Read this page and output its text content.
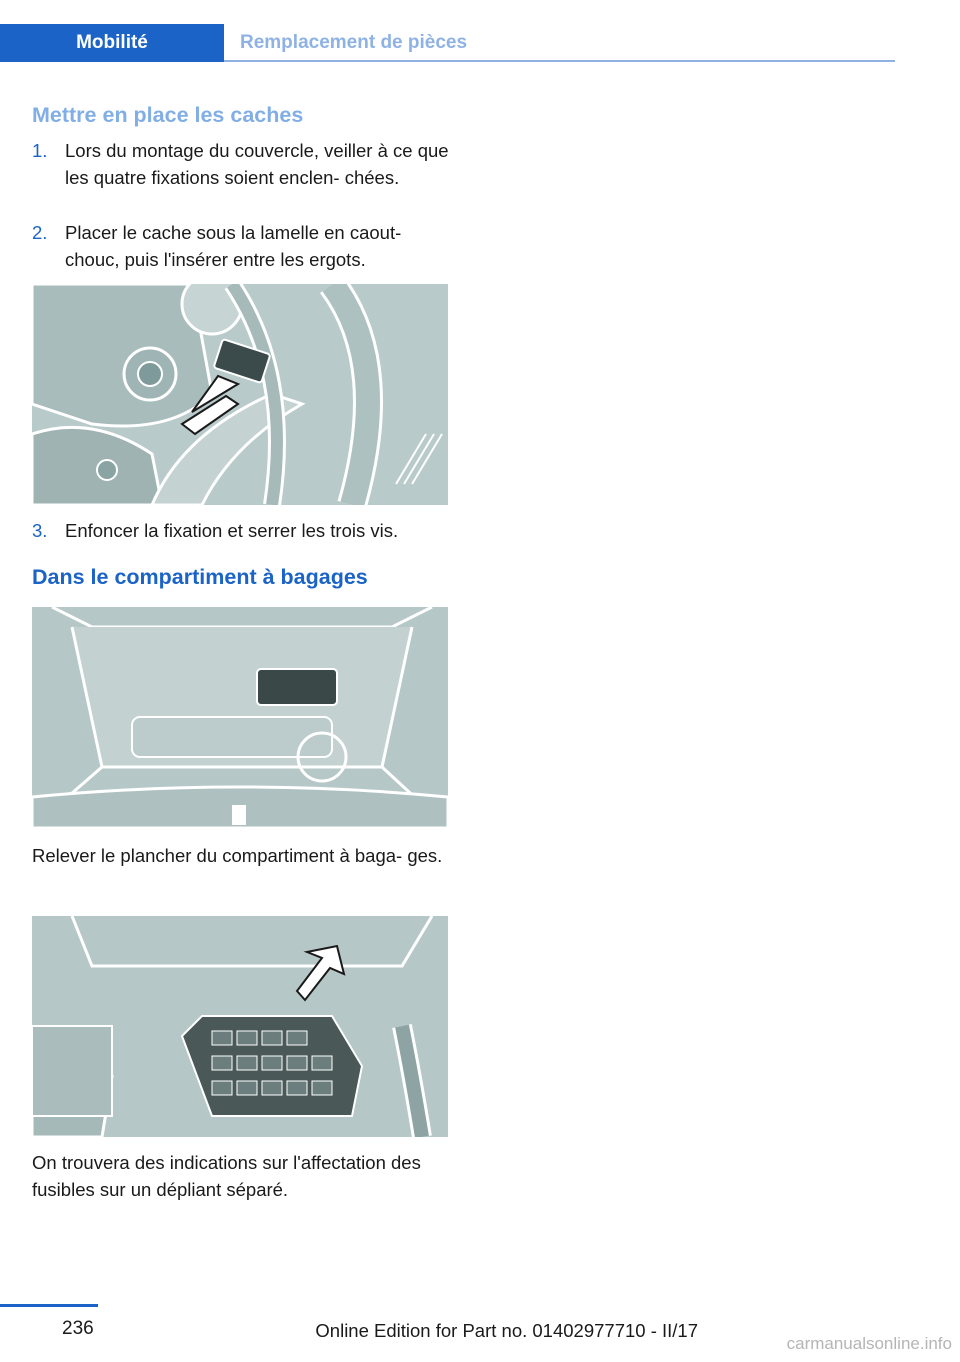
Mobilité	Remplacement de pièces
Mettre en place les caches
1. Lors du montage du couvercle, veiller à ce que les quatre fixations soient enclen‐ chées.
2. Placer le cache sous la lamelle en caout‐ chouc, puis l'insérer entre les ergots.
3. Enfoncer la fixation et serrer les trois vis.
Dans le compartiment à bagages
Relever le plancher du compartiment à baga‐ ges.
On trouvera des indications sur l'affectation des fusibles sur un dépliant séparé.
236	Online Edition for Part no. 01402977710 - II/17
carmanualsonline.info
